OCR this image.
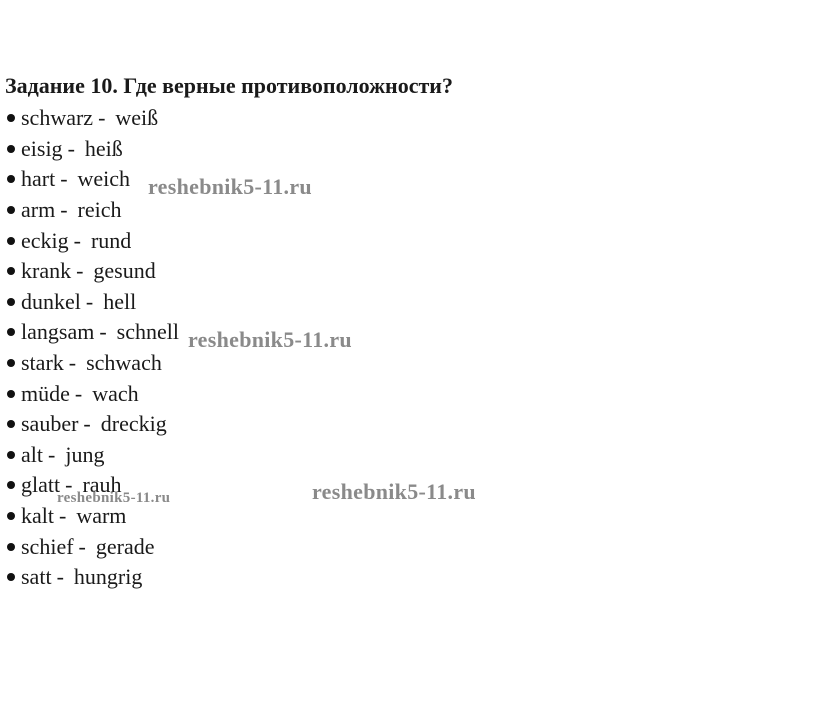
Задание 10. Где верные противоположности?
schwarz - weiß
eisig - heiß
hart - weich
arm - reich
eckig - rund
krank - gesund
dunkel - hell
langsam - schnell
stark - schwach
müde - wach
sauber - dreckig
alt - jung
glatt - rauh
kalt - warm
schief - gerade
satt - hungrig
reshebnik5-11.ru
reshebnik5-11.ru
reshebnik5-11.ru
reshebnik5-11.ru
